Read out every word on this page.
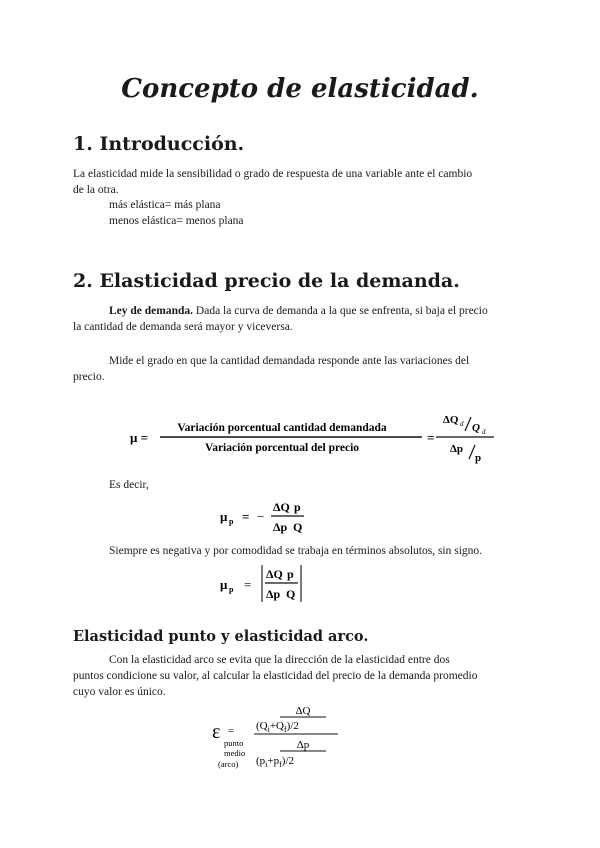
Concepto de elasticidad.
1. Introducción.
La elasticidad mide la sensibilidad o grado de respuesta de una variable ante el cambio
de la otra.
más elástica= más plana
menos elástica= menos plana
2. Elasticidad precio de la demanda.
Ley de demanda. Dada la curva de demanda a la que se enfrenta, si baja el precio
la cantidad de demanda será mayor y viceversa.
Mide el grado en que la cantidad demandada responde ante las variaciones del
precio.
μ =
Variación porcentual cantidad demandada
Variación porcentual del precio
=
ΔQ d Q d
Δp
p
Es decir,
μ p = −
ΔQ p
Δp Q
Siempre es negativa y por comodidad se trabaja en términos absolutos, sin signo.
μ p =
ΔQ p
Δp Q
Elasticidad punto y elasticidad arco.
Con la elasticidad arco se evita que la dirección de la elasticidad entre dos
puntos condicione su valor, al calcular la elasticidad del precio de la demanda promedio
cuyo valor es único.
ε =
punto
medio
(arco)
ΔQ
$(Q_i+Q_f)/2$
Δp
$(p_i+p_f)/2$
